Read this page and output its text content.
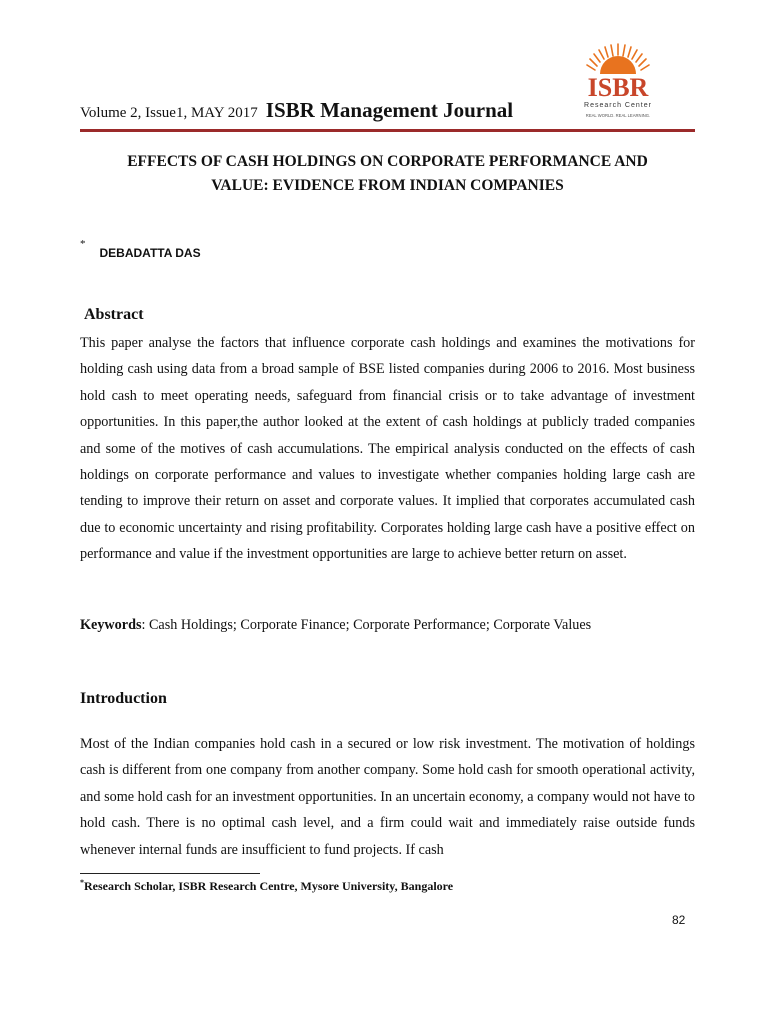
Volume 2, Issue1, MAY 2017 ISBR Management Journal
ISBR
Research Center
REAL WORLD. REAL LEARNING.
EFFECTS OF CASH HOLDINGS ON CORPORATE PERFORMANCE AND
VALUE: EVIDENCE FROM INDIAN COMPANIES
* $_{DEBADATTA DAS}$
Abstract

This paper analyse the factors that influence corporate cash holdings and examines the motivations for holding cash using data from a broad sample of BSE listed companies during 2006 to 2016. Most business hold cash to meet operating needs, safeguard from financial crisis or to take advantage of investment opportunities. In this paper,the author looked at the extent of cash holdings at publicly traded companies and some of the motives of cash accumulations. The empirical analysis conducted on the effects of cash holdings on corporate performance and values to investigate whether companies holding large cash are tending to improve their return on asset and corporate values. It implied that corporates accumulated cash due to economic uncertainty and rising profitability. Corporates holding large cash have a positive effect on performance and value if the investment opportunities are large to achieve better return on asset.

Keywords: Cash Holdings; Corporate Finance; Corporate Performance; Corporate Values

Introduction

Most of the Indian companies hold cash in a secured or low risk investment. The motivation of holdings cash is different from one company from another company. Some hold cash for smooth operational activity, and some hold cash for an investment opportunities. In an uncertain economy, a company would not have to hold cash. There is no optimal cash level, and a firm could wait and immediately raise outside funds whenever internal funds are insufficient to fund projects. If cash

*Research Scholar, ISBR Research Centre, Mysore University, Bangalore

82
